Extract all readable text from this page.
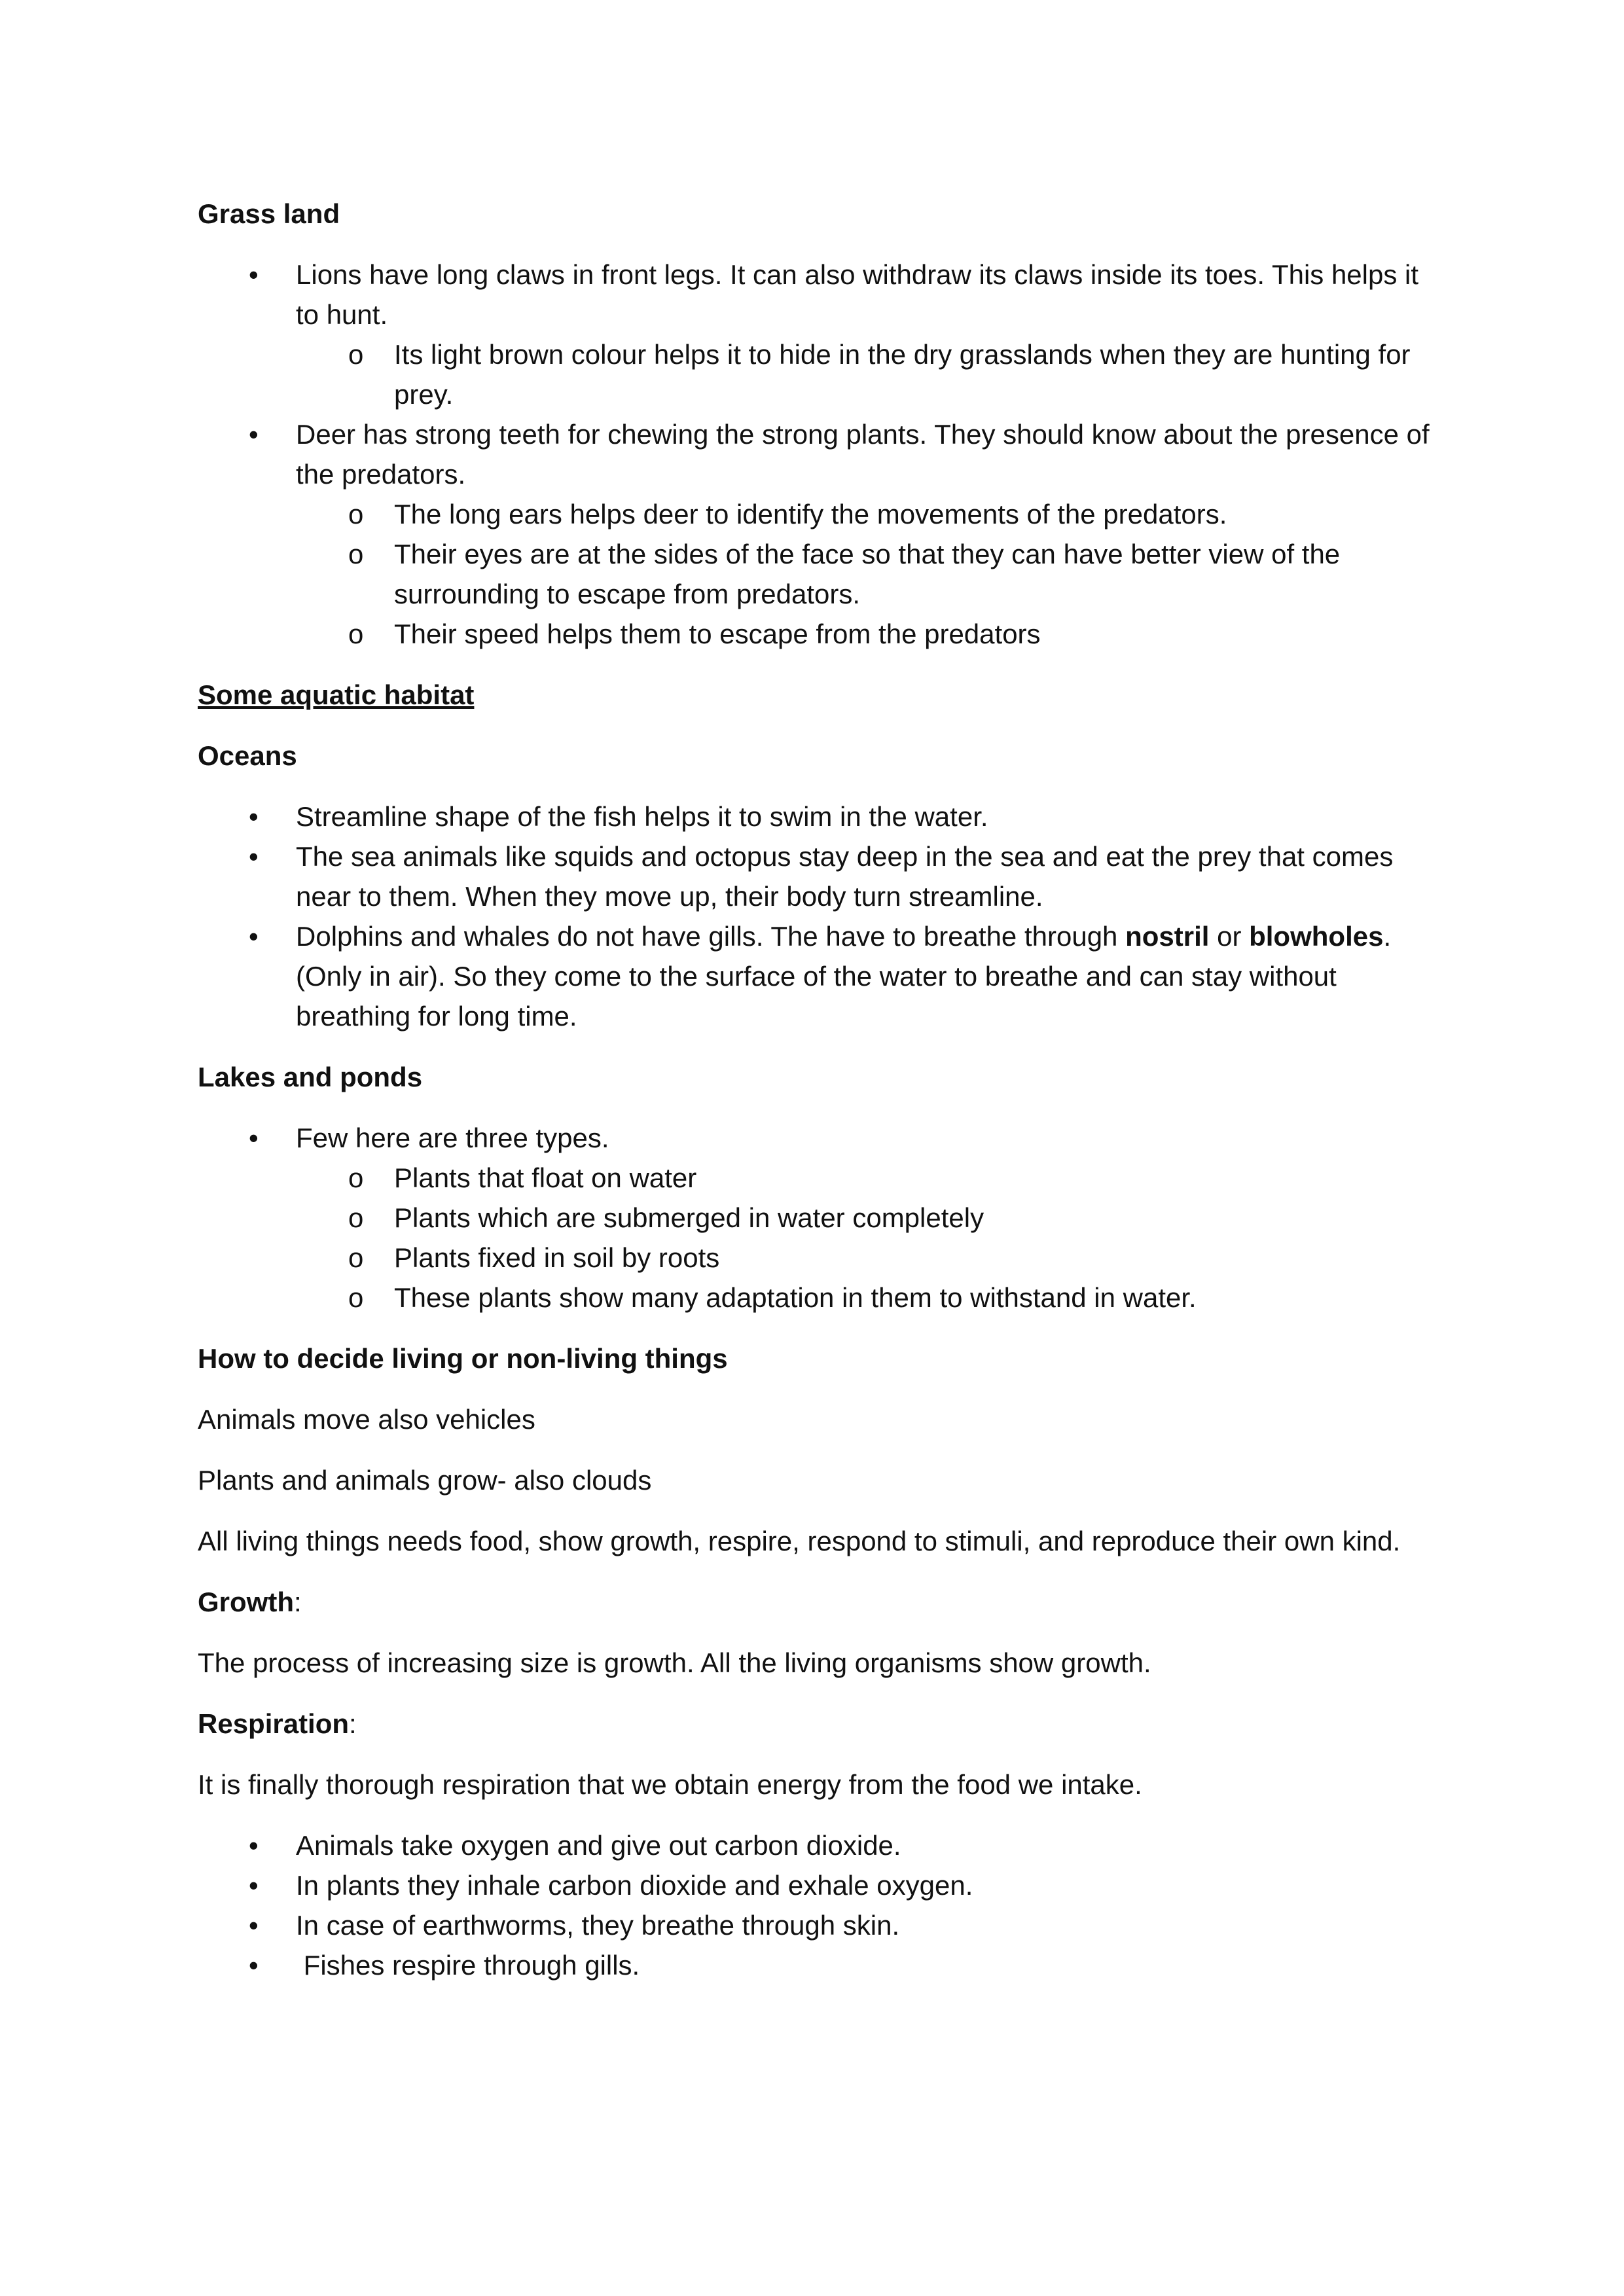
Grass land

• Lions have long claws in front legs. It can also withdraw its claws inside its toes. This helps it to hunt.
o Its light brown colour helps it to hide in the dry grasslands when they are hunting for prey.
• Deer has strong teeth for chewing the strong plants. They should know about the presence of the predators.
o The long ears helps deer to identify the movements of the predators.
o Their eyes are at the sides of the face so that they can have better view of the surrounding to escape from predators.
o Their speed helps them to escape from the predators

Some aquatic habitat

Oceans

• Streamline shape of the fish helps it to swim in the water.
• The sea animals like squids and octopus stay deep in the sea and eat the prey that comes near to them. When they move up, their body turn streamline.
• Dolphins and whales do not have gills. The have to breathe through nostril or blowholes. (Only in air). So they come to the surface of the water to breathe and can stay without breathing for long time.

Lakes and ponds

• Few here are three types.
o Plants that float on water
o Plants which are submerged in water completely
o Plants fixed in soil by roots
o These plants show many adaptation in them to withstand in water.

How to decide living or non-living things

Animals move also vehicles

Plants and animals grow- also clouds

All living things needs food, show growth, respire, respond to stimuli, and reproduce their own kind.

Growth:

The process of increasing size is growth. All the living organisms show growth.

Respiration:

It is finally thorough respiration that we obtain energy from the food we intake.

• Animals take oxygen and give out carbon dioxide.
• In plants they inhale carbon dioxide and exhale oxygen.
• In case of earthworms, they breathe through skin.
• Fishes respire through gills.
